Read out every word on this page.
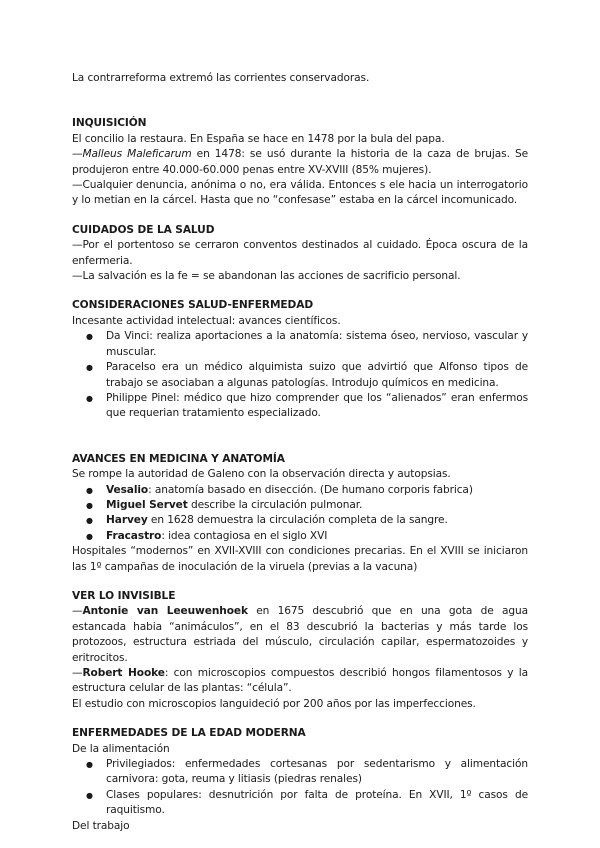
La contrarreforma extremó las corrientes conservadoras.

INQUISICIÓN

El concilio la restaura. En España se hace en 1478 por la bula del papa.

—Malleus Maleficarum en 1478: se usó durante la historia de la caza de brujas. Se produjeron entre 40.000-60.000 penas entre XV-XVIII (85% mujeres).

—Cualquier denuncia, anónima o no, era válida. Entonces s ele hacia un interrogatorio y lo metian en la cárcel. Hasta que no “confesase” estaba en la cárcel incomunicado.

CUIDADOS DE LA SALUD

—Por el portentoso se cerraron conventos destinados al cuidado. Época oscura de la enfermeria.

—La salvación es la fe = se abandonan las acciones de sacrificio personal.

CONSIDERACIONES SALUD-ENFERMEDAD

Incesante actividad intelectual: avances científicos.

● Da Vinci: realiza aportaciones a la anatomía: sistema óseo, nervioso, vascular y muscular.
● Paracelso era un médico alquimista suizo que advirtió que Alfonso tipos de trabajo se asociaban a algunas patologías. Introdujo químicos en medicina.
● Philippe Pinel: médico que hizo comprender que los “alienados” eran enfermos que requerian tratamiento especializado.

AVANCES EN MEDICINA Y ANATOMÍA

Se rompe la autoridad de Galeno con la observación directa y autopsias.

● Vesalio: anatomía basado en disección. (De humano corporis fabrica)
● Miguel Servet describe la circulación pulmonar.
● Harvey en 1628 demuestra la circulación completa de la sangre.
● Fracastro: idea contagiosa en el siglo XVI

Hospitales “modernos” en XVII-XVIII con condiciones precarias. En el XVIII se iniciaron las 1º campañas de inoculación de la viruela (previas a la vacuna)

VER LO INVISIBLE

—Antonie van Leeuwenhoek en 1675 descubrió que en una gota de agua estancada habia “animáculos”, en el 83 descubrió la bacterias y más tarde los protozoos, estructura estriada del músculo, circulación capilar, espermatozoides y eritrocitos.

—Robert Hooke: con microscopios compuestos describió hongos filamentosos y la estructura celular de las plantas: “célula”.

El estudio con microscopios languideció por 200 años por las imperfecciones.

ENFERMEDADES DE LA EDAD MODERNA

De la alimentación

● Privilegiados: enfermedades cortesanas por sedentarismo y alimentación carnivora: gota, reuma y litiasis (piedras renales)
● Clases populares: desnutrición por falta de proteína. En XVII, 1º casos de raquitismo.

Del trabajo
